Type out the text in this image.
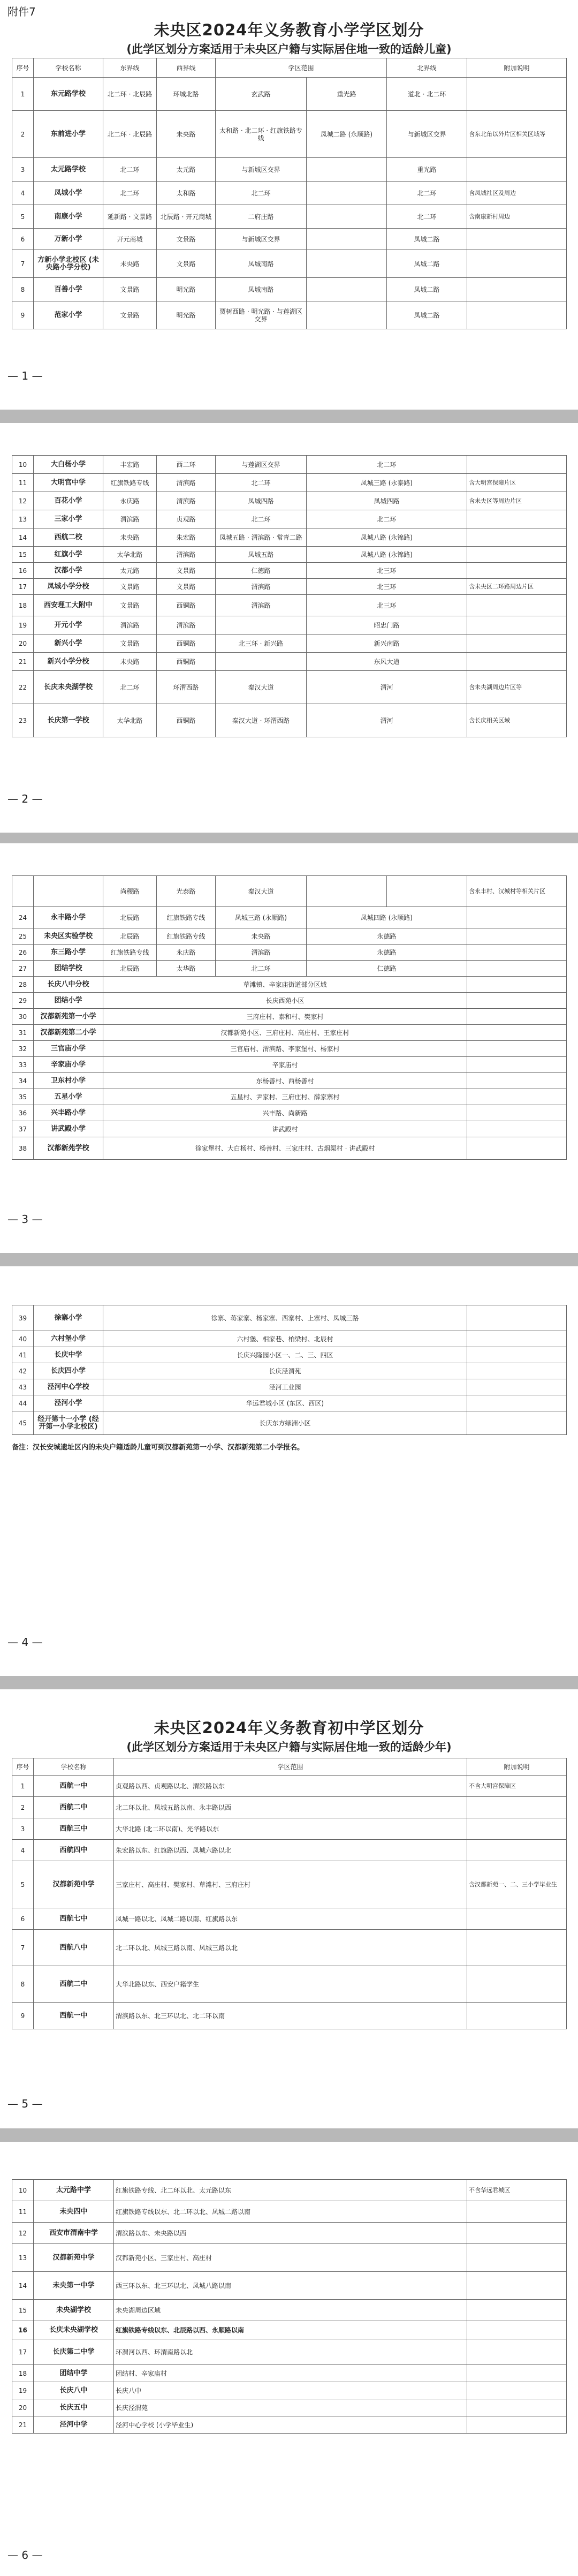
附件7
未央区2024年义务教育小学学区划分
(此学区划分方案适用于未央区户籍与实际居住地一致的适龄儿童)
序号	学校名称	东界线	西界线	学区范围		北界线	附加说明
1	东元路学校	北二环 · 北辰路	环城北路	玄武路	重光路	道北 · 北二环	
2	东前进小学	北二环 · 北辰路	未央路	太和路 · 北二环 · 红旗铁路专线	凤城二路 (永顺路)	与新城区交界	含东北角以外片区相关区域等
3	太元路学校	北二环	太元路	与新城区交界		重光路	
4	凤城小学	北二环	太和路	北二环		北二环	含凤城社区及周边
5	南康小学	延新路 · 文景路	北辰路 · 开元商城	二府庄路		北二环	含南康新村周边
6	万新小学	开元商城	文景路	与新城区交界		凤城二路	
7	方新小学北校区 (未央路小学分校)	未央路	文景路	凤城南路		凤城二路	
8	百善小学	文景路	明光路	凤城南路		凤城二路	
9	范家小学	文景路	明光路	贾树西路 · 明光路 · 与莲湖区交界		凤城二路	
— 1 —
10	大白杨小学	丰宏路	西二环	与莲湖区交界	北二环	
11	大明宫中学	红旗铁路专线	渭滨路	北二环	凤城三路 (永泰路)	含大明宫保障片区
12	百花小学	永庆路	渭滨路	凤城四路	凤城四路	含未央区等周边片区
13	三家小学	渭滨路	贞观路	北二环	北二环	
14	西航二校	未央路	朱宏路	凤城五路 · 渭滨路 · 常青二路	凤城八路 (永锦路)	
15	红旗小学	太华北路	渭滨路	凤城五路	凤城八路 (永锦路)	
16	汉都小学	太元路	文景路	仁德路	北三环	
17	凤城小学分校	文景路	文景路	渭滨路	北三环	含未央区二环路周边片区
18	西安理工大附中	文景路	西铜路	渭滨路	北三环	
19	开元小学	渭滨路	渭滨路		昭忠门路	
20	新兴小学	文景路	西铜路	北三环 · 新兴路	新兴南路	
21	新兴小学分校	未央路	西铜路		东风大道	
22	长庆未央湖学校	北二环	环渭西路	秦汉大道	渭河	含未央湖周边片区等
23	长庆第一学校	太华北路	西铜路	秦汉大道 · 环渭西路	渭河	含长庆相关区域
— 2 —
		尚稷路	光泰路	秦汉大道			含永丰村、汉城村等相关片区
24	永丰路小学	北辰路	红旗铁路专线	凤城三路 (永顺路)	凤城四路 (永顺路)		
25	未央区实验学校	北辰路	红旗铁路专线	未央路	永德路		
26	东三路小学	红旗铁路专线	永庆路	渭滨路	永德路		
27	团结学校	北辰路	太华路	北二环	仁德路		
28	长庆八中分校	草滩镇、辛家庙街道部分区域					
29	团结小学	长庆西苑小区					
30	汉都新苑第一小学	三府庄村、泰和村、樊家村					
31	汉都新苑第二小学	汉都新苑小区、三府庄村、高庄村、王家庄村					
32	三官庙小学	三官庙村、渭滨路、李家堡村、杨家村					
33	辛家庙小学	辛家庙村					
34	卫东村小学	东杨善村、西杨善村					
35	五星小学	五星村、尹家村、三府庄村、薛家寨村					
36	兴丰路小学	兴丰路、尚新路					
37	讲武殿小学	讲武殿村					
38	汉都新苑学校	徐家堡村、大白杨村、杨善村、三家庄村、古烟渠村 · 讲武殿村					
— 3 —
39	徐寨小学	徐寨、蒋家寨、杨家寨、西寨村、上寨村、凤城三路	
40	六村堡小学	六村堡、相家巷、柏梁村、北辰村	
41	长庆中学	长庆兴隆园小区一、二、三、四区	
42	长庆四小学	长庆泾渭苑	
43	泾河中心学校	泾河工业园	
44	泾河小学	华远君城小区 (东区、西区)	
45	经开第十一小学 (经开第一小学北校区)	长庆东方绿洲小区	
备注：汉长安城遗址区内的未央户籍适龄儿童可到汉都新苑第一小学、汉都新苑第二小学报名。
— 4 —
未央区2024年义务教育初中学区划分
(此学区划分方案适用于未央区户籍与实际居住地一致的适龄少年)
序号	学校名称	学区范围	附加说明
1	西航一中	贞观路以西、贞观路以北、渭滨路以东	不含大明宫保障区
2	西航二中	北二环以北、凤城五路以南、永丰路以西	
3	西航三中	大华北路 (北二环以南)、光华路以东	
4	西航四中	朱宏路以东、红旗路以西、凤城六路以北	
5	汉都新苑中学	三家庄村、高庄村、樊家村、草滩村、三府庄村	含汉都新苑一、二、三小学毕业生
6	西航七中	凤城一路以北、凤城二路以南、红旗路以东	
7	西航八中	北二环以北、凤城三路以南、凤城三路以北	
8	西航二中	大华北路以东、西安户籍学生	
9	西航一中	渭滨路以东、北三环以北、北二环以南	
— 5 —
10	太元路中学	红旗铁路专线、北二环以北、太元路以东	不含华远君城区
11	未央四中	红旗铁路专线以东、北二环以北、凤城二路以南	
12	西安市渭南中学	渭滨路以东、未央路以西	
13	汉都新苑中学	汉都新苑小区、三家庄村、高庄村	
14	未央第一中学	西三环以东、北三环以北、凤城八路以南	
15	未央湖学校	未央湖周边区域	
16	长庆未央湖学校	红旗铁路专线以东、北辰路以西、永顺路以南	
17	长庆第二中学	环渭河以西、环渭南路以北	
18	团结中学	团结村、辛家庙村	
19	长庆八中	长庆八中	
20	长庆五中	长庆泾渭苑	
21	泾河中学	泾河中心学校 (小学毕业生)	
— 6 —
